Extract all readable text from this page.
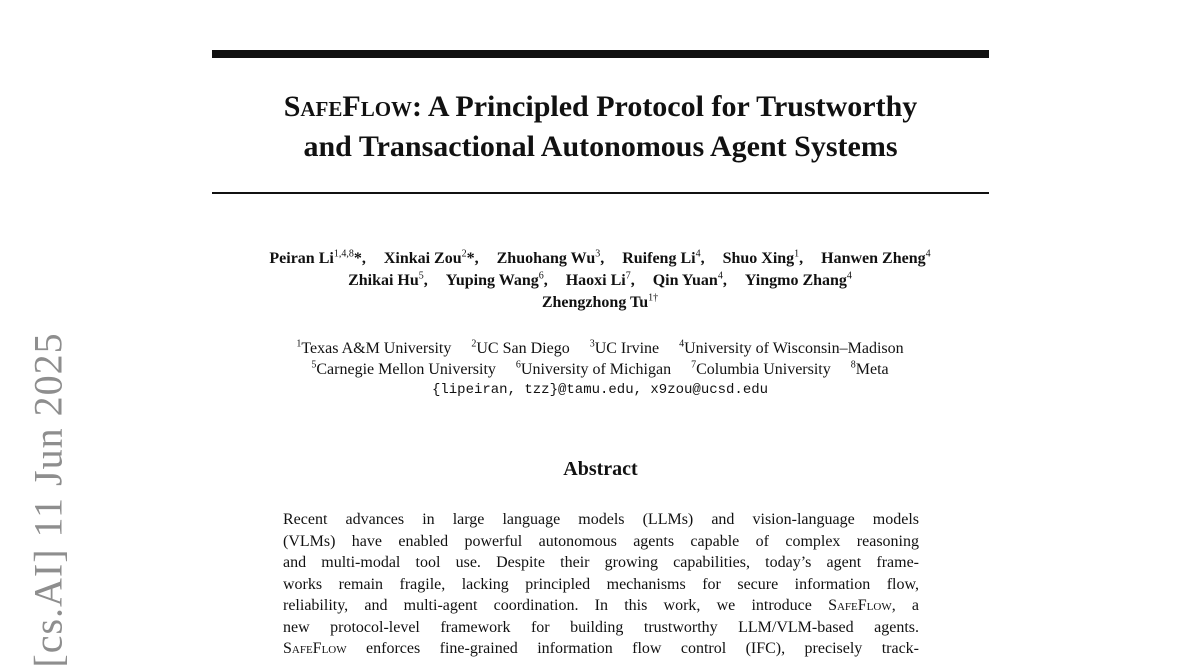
SafeFlow: A Principled Protocol for Trustworthy
and Transactional Autonomous Agent Systems
Peiran Li$^{1,4,8}$*, Xinkai Zou$^2$*, Zhuohang Wu$^3$, Ruifeng Li$^4$, Shuo Xing$^1$, Hanwen Zheng$^4$
Zhikai Hu$^5$, Yuping Wang$^6$, Haoxi Li$^7$, Qin Yuan$^4$, Yingmo Zhang$^4$
Zhengzhong $Tu^{1\dagger}$
$^1$Texas A&M University $^2$UC San Diego $^3$UC Irvine $^4$University of Wisconsin–Madison
$^5$Carnegie Mellon University $^6$University of Michigan $^7$Columbia University $^8$Meta
{lipeiran, tzz}@tamu.edu, x9zou@ucsd.edu
Abstract
Recent advances in large language models (LLMs) and vision-language models
(VLMs) have enabled powerful autonomous agents capable of complex reasoning
and multi-modal tool use. Despite their growing capabilities, today’s agent frame-
works remain fragile, lacking principled mechanisms for secure information flow,
reliability, and multi-agent coordination. In this work, we introduce SafeFlow, a
new protocol-level framework for building trustworthy LLM/VLM-based agents.
SafeFlow enforces fine-grained information flow control (IFC), precisely track-
[cs.AI] 11 Jun 2025
